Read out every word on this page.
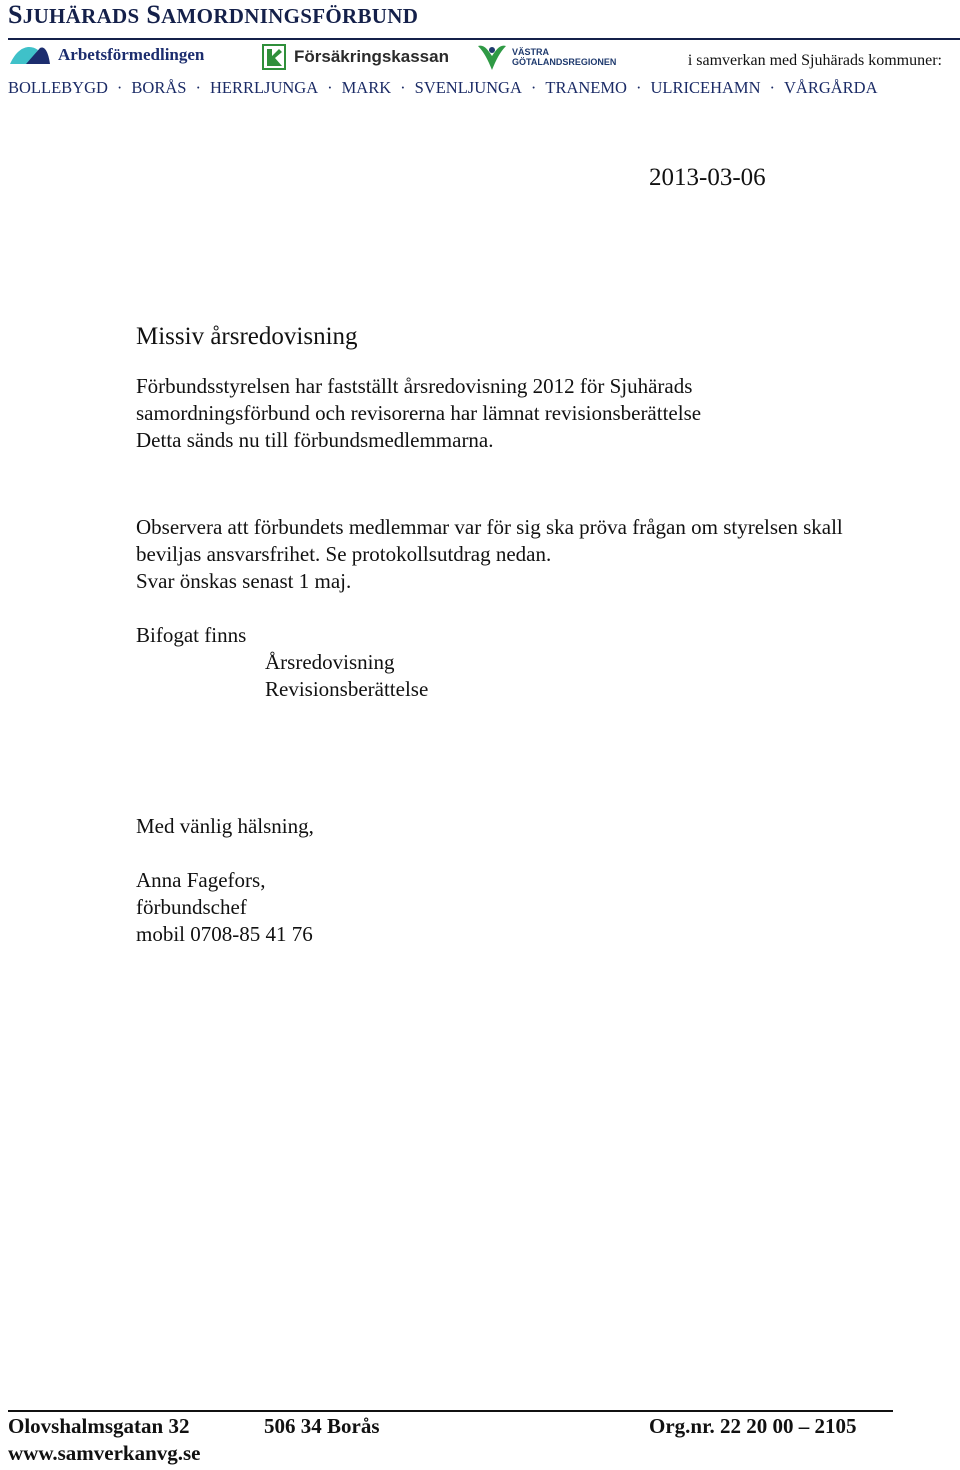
SJUHÄRADS SAMORDNINGSFÖRBUND
Arbetsförmedlingen	Försäkringskassan	VÄSTRA
GÖTALANDSREGIONEN	i samverkan med Sjuhärads kommuner:
BOLLEBYGD · BORÅS · HERRLJUNGA · MARK · SVENLJUNGA · TRANEMO · ULRICEHAMN · VÅRGÅRDA
2013-03-06
Missiv årsredovisning
Förbundsstyrelsen har fastställt årsredovisning 2012 för Sjuhärads
samordningsförbund och revisorerna har lämnat revisionsberättelse
Detta sänds nu till förbundsmedlemmarna.
Observera att förbundets medlemmar var för sig ska pröva frågan om styrelsen skall
beviljas ansvarsfrihet. Se protokollsutdrag nedan.
Svar önskas senast 1 maj.
Bifogat finns
Årsredovisning
Revisionsberättelse
Med vänlig hälsning,
Anna Fagefors,
förbundschef
mobil 0708-85 41 76
Olovshalmsgatan 32	506 34 Borås	Org.nr. 22 20 00 – 2105
www.samverkanvg.se
